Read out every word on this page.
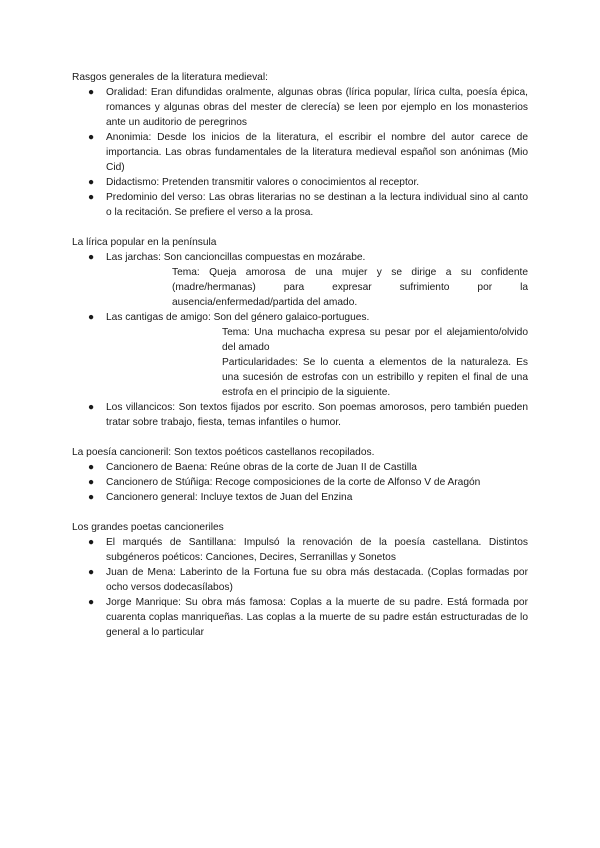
Rasgos generales de la literatura medieval:

● Oralidad: Eran difundidas oralmente, algunas obras (lírica popular, lírica culta, poesía épica, romances y algunas obras del mester de clerecía) se leen por ejemplo en los monasterios ante un auditorio de peregrinos
● Anonimia: Desde los inicios de la literatura, el escribir el nombre del autor carece de importancia. Las obras fundamentales de la literatura medieval español son anónimas (Mio Cid)
● Didactismo: Pretenden transmitir valores o conocimientos al receptor.
● Predominio del verso: Las obras literarias no se destinan a la lectura individual sino al canto o la recitación. Se prefiere el verso a la prosa.

La lírica popular en la península

● Las jarchas: Son cancioncillas compuestas en mozárabe.

Tema: Queja amorosa de una mujer y se dirige a su confidente (madre/hermanas) para expresar sufrimiento por la ausencia/enfermedad/partida del amado.

● Las cantigas de amigo: Son del género galaico-portugues.

Tema: Una muchacha expresa su pesar por el alejamiento/olvido del amado

Particularidades: Se lo cuenta a elementos de la naturaleza. Es una sucesión de estrofas con un estribillo y repiten el final de una estrofa en el principio de la siguiente.

● Los villancicos: Son textos fijados por escrito. Son poemas amorosos, pero también pueden tratar sobre trabajo, fiesta, temas infantiles o humor.

La poesía cancioneril: Son textos poéticos castellanos recopilados.

● Cancionero de Baena: Reúne obras de la corte de Juan II de Castilla
● Cancionero de Stúñiga: Recoge composiciones de la corte de Alfonso V de Aragón
● Cancionero general: Incluye textos de Juan del Enzina

Los grandes poetas cancioneriles

● El marqués de Santillana: Impulsó la renovación de la poesía castellana. Distintos subgéneros poéticos: Canciones, Decires, Serranillas y Sonetos
● Juan de Mena: Laberinto de la Fortuna fue su obra más destacada. (Coplas formadas por ocho versos dodecasílabos)
● Jorge Manrique: Su obra más famosa: Coplas a la muerte de su padre. Está formada por cuarenta coplas manriqueñas. Las coplas a la muerte de su padre están estructuradas de lo general a lo particular
